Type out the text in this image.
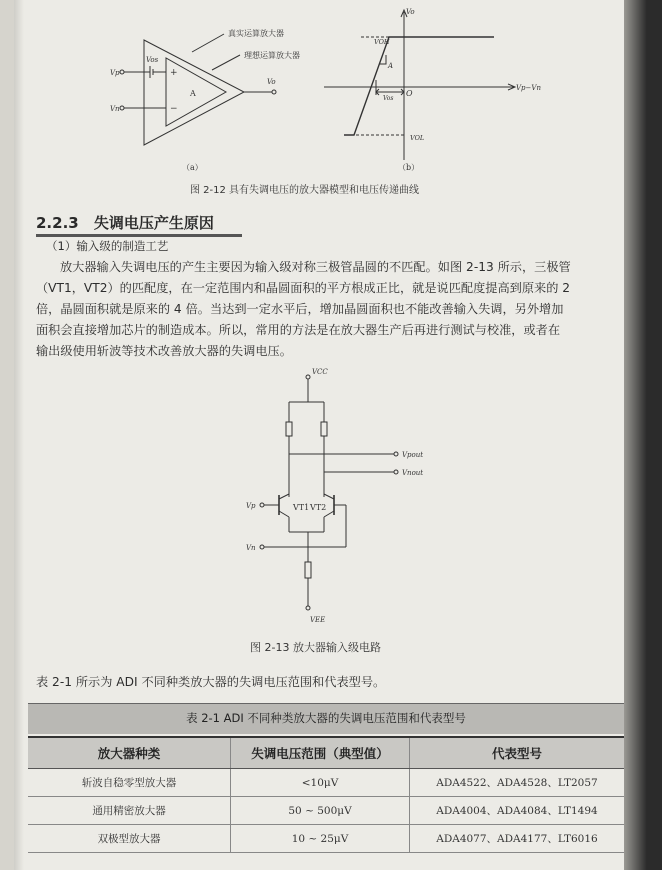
真实运算放大器
理想运算放大器
Vos
Vp
Vn
Vo
A
+
−
（a）
Vo
VOH
VOL
Vos
O
Vp−Vn
A
（b）
图 2-12 具有失调电压的放大器模型和电压传递曲线
2.2.3 失调电压产生原因
（1）输入级的制造工艺
放大器输入失调电压的产生主要因为输入级对称三极管晶圆的不匹配。如图 2-13 所示，三极管
（VT1，VT2）的匹配度，在一定范围内和晶圆面积的平方根成正比，就是说匹配度提高到原来的 2
倍，晶圆面积就是原来的 4 倍。当达到一定水平后，增加晶圆面积也不能改善输入失调，另外增加
面积会直接增加芯片的制造成本。所以，常用的方法是在放大器生产后再进行测试与校准，或者在
输出级使用斩波等技术改善放大器的失调电压。
VCC
Vpout
Vnout
Vp
Vn
VT1 VT2
VEE
图 2-13 放大器输入级电路
表 2-1 所示为 ADI 不同种类放大器的失调电压范围和代表型号。
表 2-1 ADI 不同种类放大器的失调电压范围和代表型号
放大器种类	失调电压范围（典型值）	代表型号
斩波自稳零型放大器	<10μV	ADA4522、ADA4528、LT2057
通用精密放大器	50 ~ 500μV	ADA4004、ADA4084、LT1494
双极型放大器	10 ~ 25μV	ADA4077、ADA4177、LT6016
